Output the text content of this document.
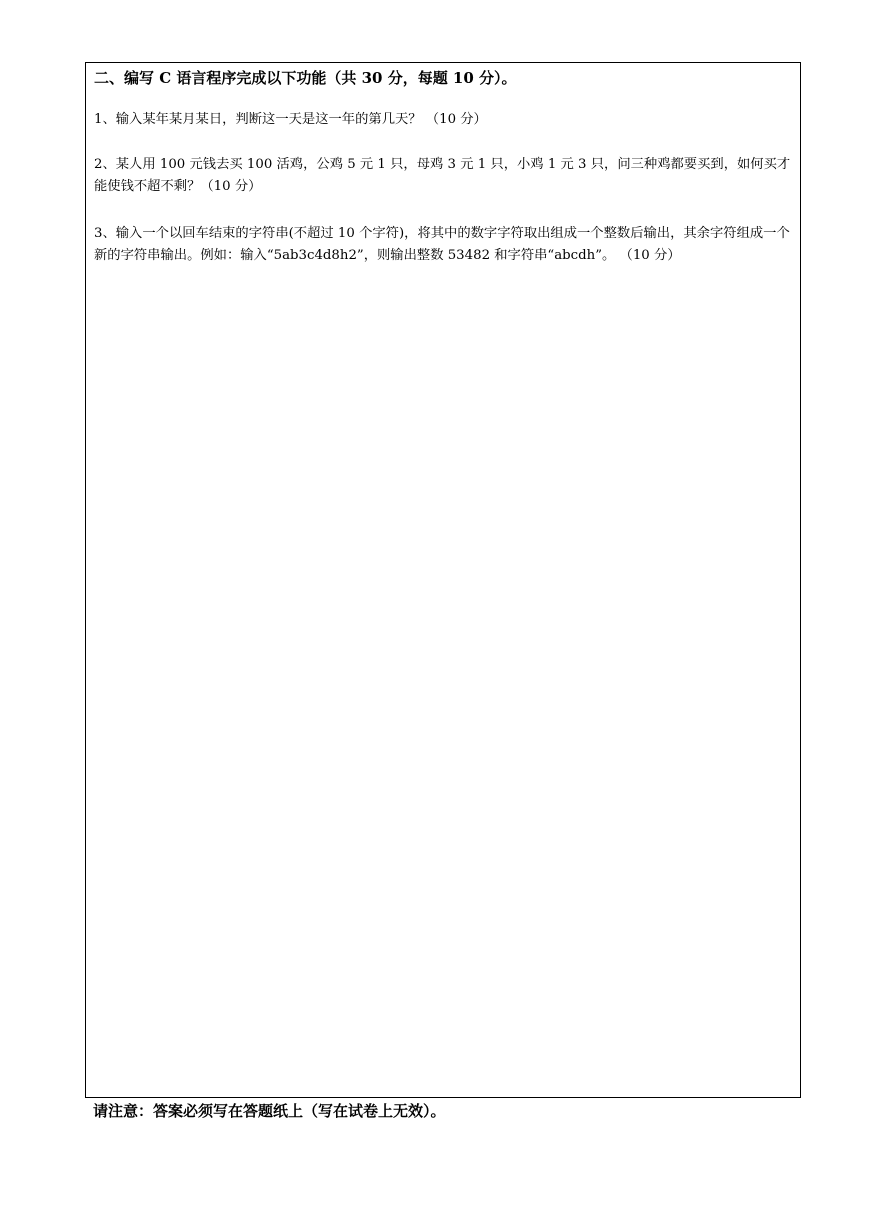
二、编写 C 语言程序完成以下功能（共 30 分，每题 10 分）。
1、输入某年某月某日，判断这一天是这一年的第几天？ （10 分）
2、某人用 100 元钱去买 100 活鸡，公鸡 5 元 1 只，母鸡 3 元 1 只，小鸡 1 元 3 只，问三种鸡都要买到，如何买才能使钱不超不剩？（10 分）
3、输入一个以回车结束的字符串(不超过 10 个字符)，将其中的数字字符取出组成一个整数后输出，其余字符组成一个新的字符串输出。例如：输入“5ab3c4d8h2”，则输出整数 53482 和字符串“abcdh”。 （10 分）
请注意：答案必须写在答题纸上（写在试卷上无效）。
